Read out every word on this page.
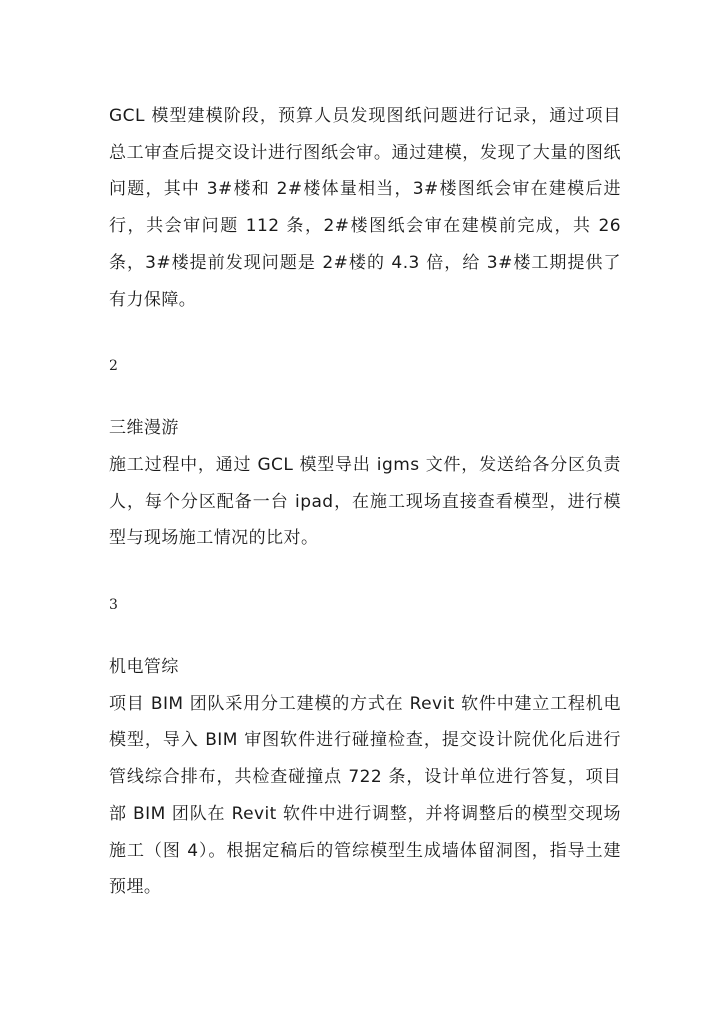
GCL 模型建模阶段，预算人员发现图纸问题进行记录，通过项目总工审查后提交设计进行图纸会审。通过建模，发现了大量的图纸问题，其中 3#楼和 2#楼体量相当，3#楼图纸会审在建模后进行，共会审问题 112 条，2#楼图纸会审在建模前完成，共 26 条，3#楼提前发现问题是 2#楼的 4.3 倍，给 3#楼工期提供了有力保障。

2

三维漫游

施工过程中，通过 GCL 模型导出 igms 文件，发送给各分区负责人，每个分区配备一台 ipad，在施工现场直接查看模型，进行模型与现场施工情况的比对。

3

机电管综

项目 BIM 团队采用分工建模的方式在 Revit 软件中建立工程机电模型，导入 BIM 审图软件进行碰撞检查，提交设计院优化后进行管线综合排布，共检查碰撞点 722 条，设计单位进行答复，项目部 BIM 团队在 Revit 软件中进行调整，并将调整后的模型交现场施工（图 4）。根据定稿后的管综模型生成墙体留洞图，指导土建预埋。
